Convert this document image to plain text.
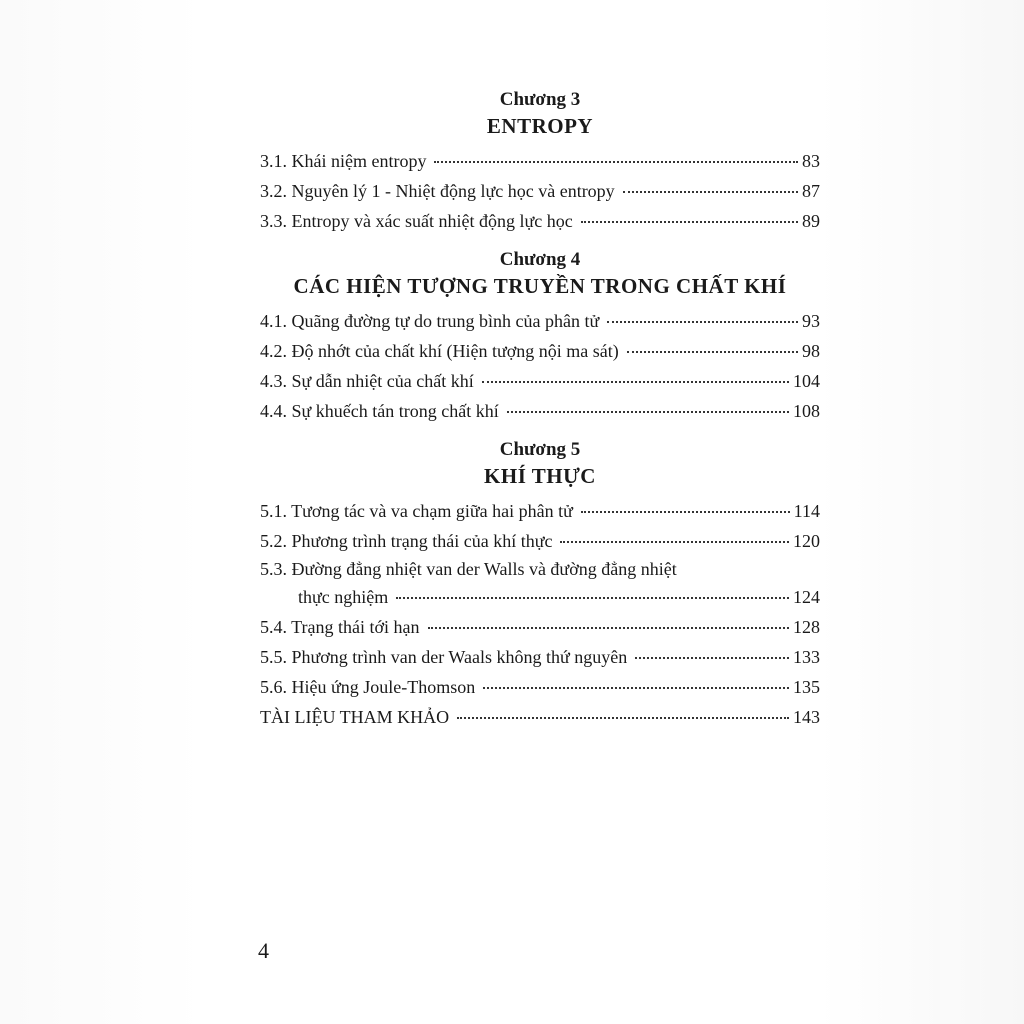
Chương 3
ENTROPY
3.1. Khái niệm entropy	83
3.2. Nguyên lý 1 - Nhiệt động lực học và entropy	87
3.3. Entropy và xác suất nhiệt động lực học	89
Chương 4
CÁC HIỆN TƯỢNG TRUYỀN TRONG CHẤT KHÍ
4.1. Quãng đường tự do trung bình của phân tử	93
4.2. Độ nhớt của chất khí (Hiện tượng nội ma sát)	98
4.3. Sự dẫn nhiệt của chất khí	104
4.4. Sự khuếch tán trong chất khí	108
Chương 5
KHÍ THỰC
5.1. Tương tác và va chạm giữa hai phân tử	114
5.2. Phương trình trạng thái của khí thực	120
5.3. Đường đẳng nhiệt van der Walls và đường đẳng nhiệt
thực nghiệm	124
5.4. Trạng thái tới hạn	128
5.5. Phương trình van der Waals không thứ nguyên	133
5.6. Hiệu ứng Joule-Thomson	135
TÀI LIỆU THAM KHẢO	143
4
